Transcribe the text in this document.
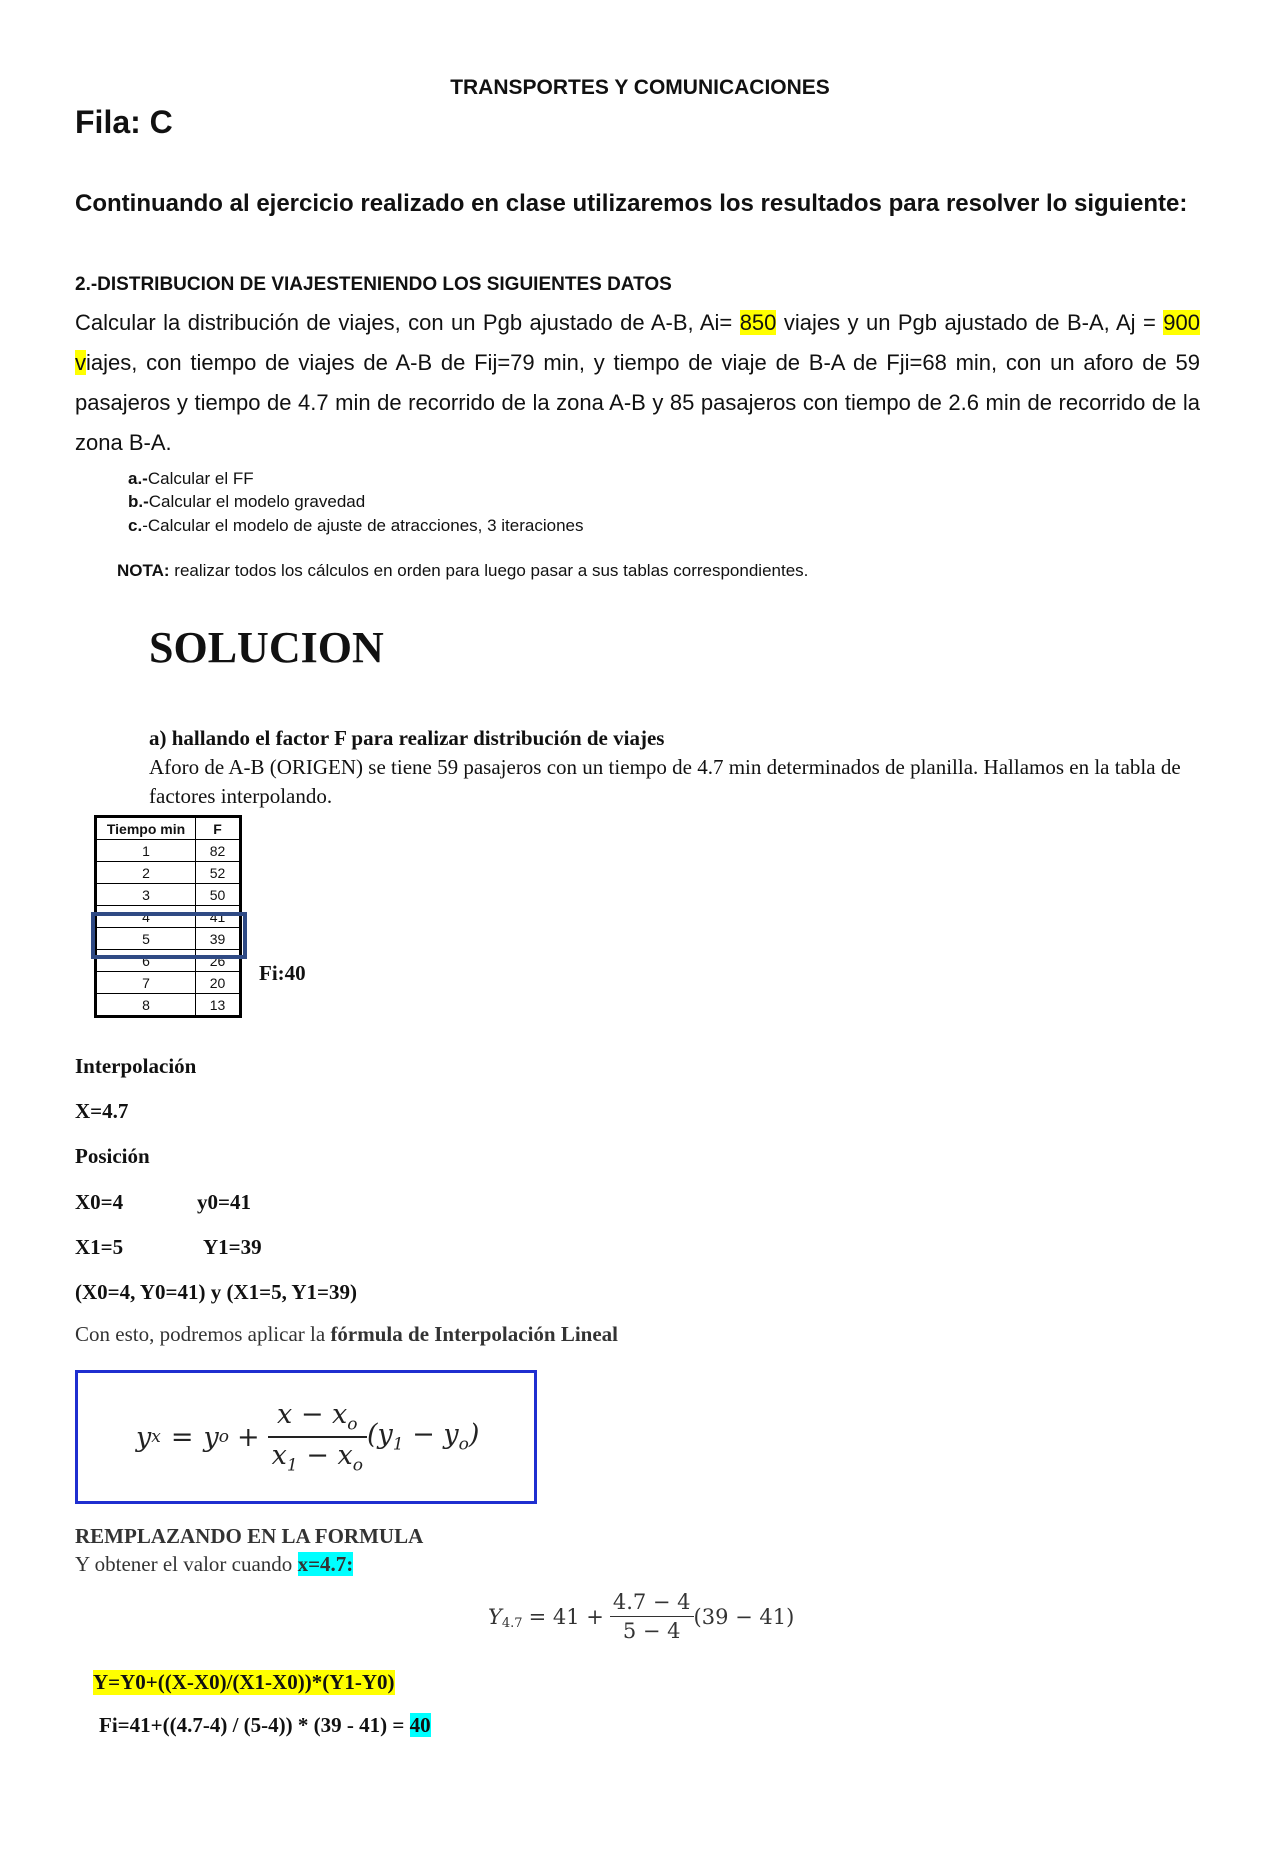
TRANSPORTES Y COMUNICACIONES
Fila: C
Continuando al ejercicio realizado en clase utilizaremos los resultados para resolver lo siguiente:
2.-DISTRIBUCION DE VIAJESTENIENDO LOS SIGUIENTES DATOS
Calcular la distribución de viajes, con un Pgb ajustado de A-B, Ai= 850 viajes y un Pgb ajustado de B-A, Aj = 900 viajes, con tiempo de viajes de A-B de Fij=79 min, y tiempo de viaje de B-A de Fji=68 min, con un aforo de 59 pasajeros y tiempo de 4.7 min de recorrido de la zona A-B y 85 pasajeros con tiempo de 2.6 min de recorrido de la zona B-A.
a.-Calcular el FF
b.-Calcular el modelo gravedad
c.-Calcular el modelo de ajuste de atracciones, 3 iteraciones
NOTA: realizar todos los cálculos en orden para luego pasar a sus tablas correspondientes.
SOLUCION
a) hallando el factor F para realizar distribución de viajes
Aforo de A-B (ORIGEN) se tiene 59 pasajeros con un tiempo de 4.7 min determinados de planilla. Hallamos en la tabla de factores interpolando.
Tiempo min	F
1	82
2	52
3	50
4	41
5	39
6	26
7	20
8	13
Fi:40
Interpolación
X=4.7
Posición
X0=4	y0=41
X1=5	Y1=39
(X0=4, Y0=41) y (X1=5, Y1=39)
Con esto, podremos aplicar la fórmula de Interpolación Lineal
y x = y o +
$x - x_o$
$x_1 - x_o$
$(y_1 - y_o)$
REMPLAZANDO EN LA FORMULA
Y obtener el valor cuando x=4.7:
$Y_{4.7} = 41$ +
4.7 − 4
5 − 4
(39 − 41)
Y=Y0+((X-X0)/(X1-X0))*(Y1-Y0)
Fi=41+((4.7-4) / (5-4)) * (39 - 41) = 40
